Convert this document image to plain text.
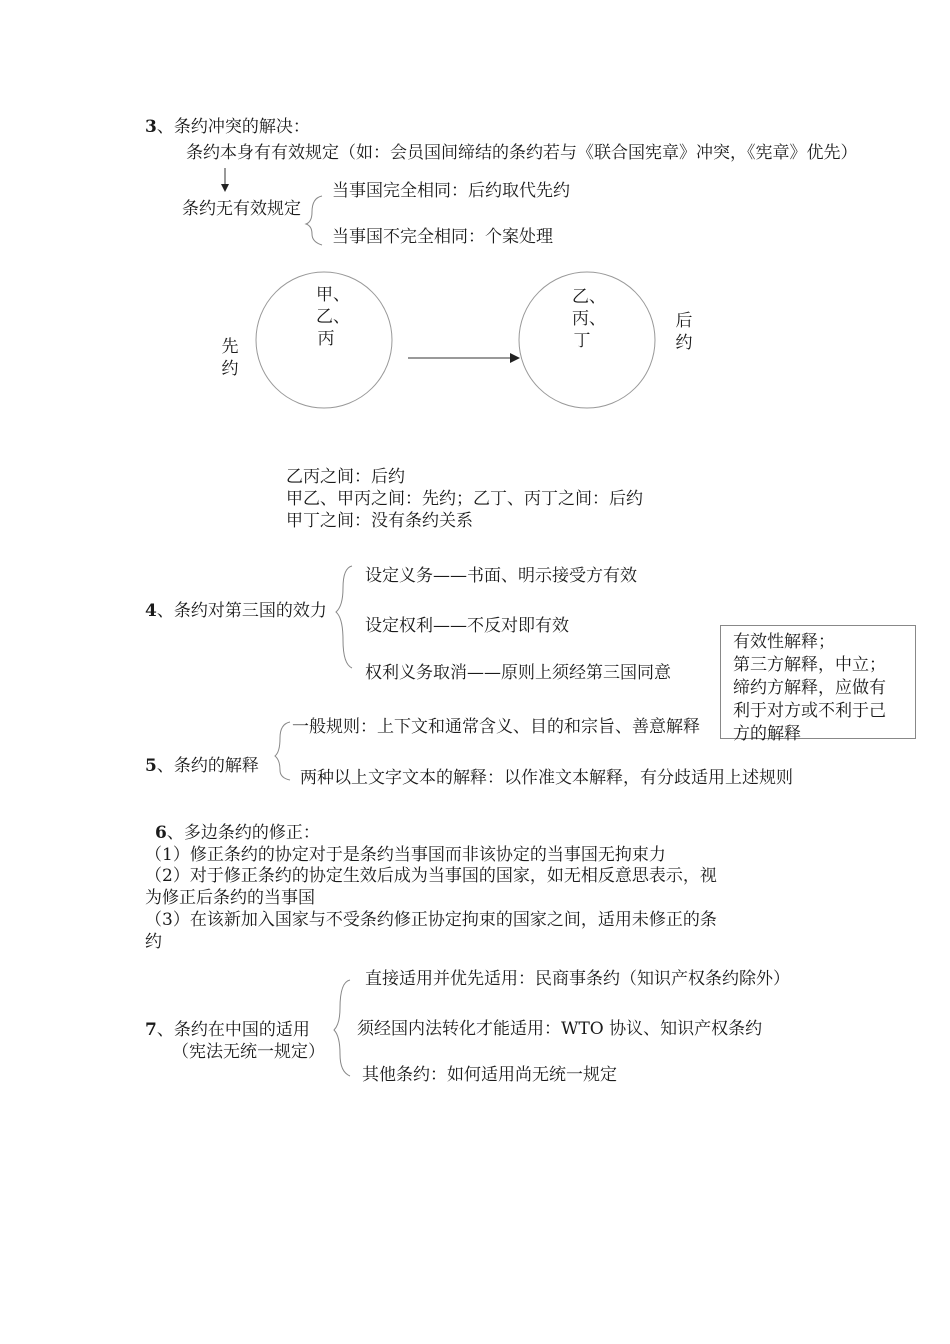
3、条约冲突的解决：
条约本身有有效规定（如：会员国间缔结的条约若与《联合国宪章》冲突，《宪章》优先）
条约无有效规定
当事国完全相同：后约取代先约
当事国不完全相同：个案处理
先约
后约
甲、乙、丙
乙、丙、丁
乙丙之间：后约
甲乙、甲丙之间：先约；乙丁、丙丁之间：后约
甲丁之间：没有条约关系
4、条约对第三国的效力
设定义务——书面、明示接受方有效
设定权利——不反对即有效
权利义务取消——原则上须经第三国同意
有效性解释；
第三方解释，中立；
缔约方解释，应做有
利于对方或不利于己
方的解释
5、条约的解释
一般规则：上下文和通常含义、目的和宗旨、善意解释
两种以上文字文本的解释：以作准文本解释，有分歧适用上述规则
6、多边条约的修正：
（1）修正条约的协定对于是条约当事国而非该协定的当事国无拘束力
（2）对于修正条约的协定生效后成为当事国的国家，如无相反意思表示，视
为修正后条约的当事国
（3）在该新加入国家与不受条约修正协定拘束的国家之间，适用未修正的条
约
7、条约在中国的适用
（宪法无统一规定）
直接适用并优先适用：民商事条约（知识产权条约除外）
须经国内法转化才能适用：WTO 协议、知识产权条约
其他条约：如何适用尚无统一规定
